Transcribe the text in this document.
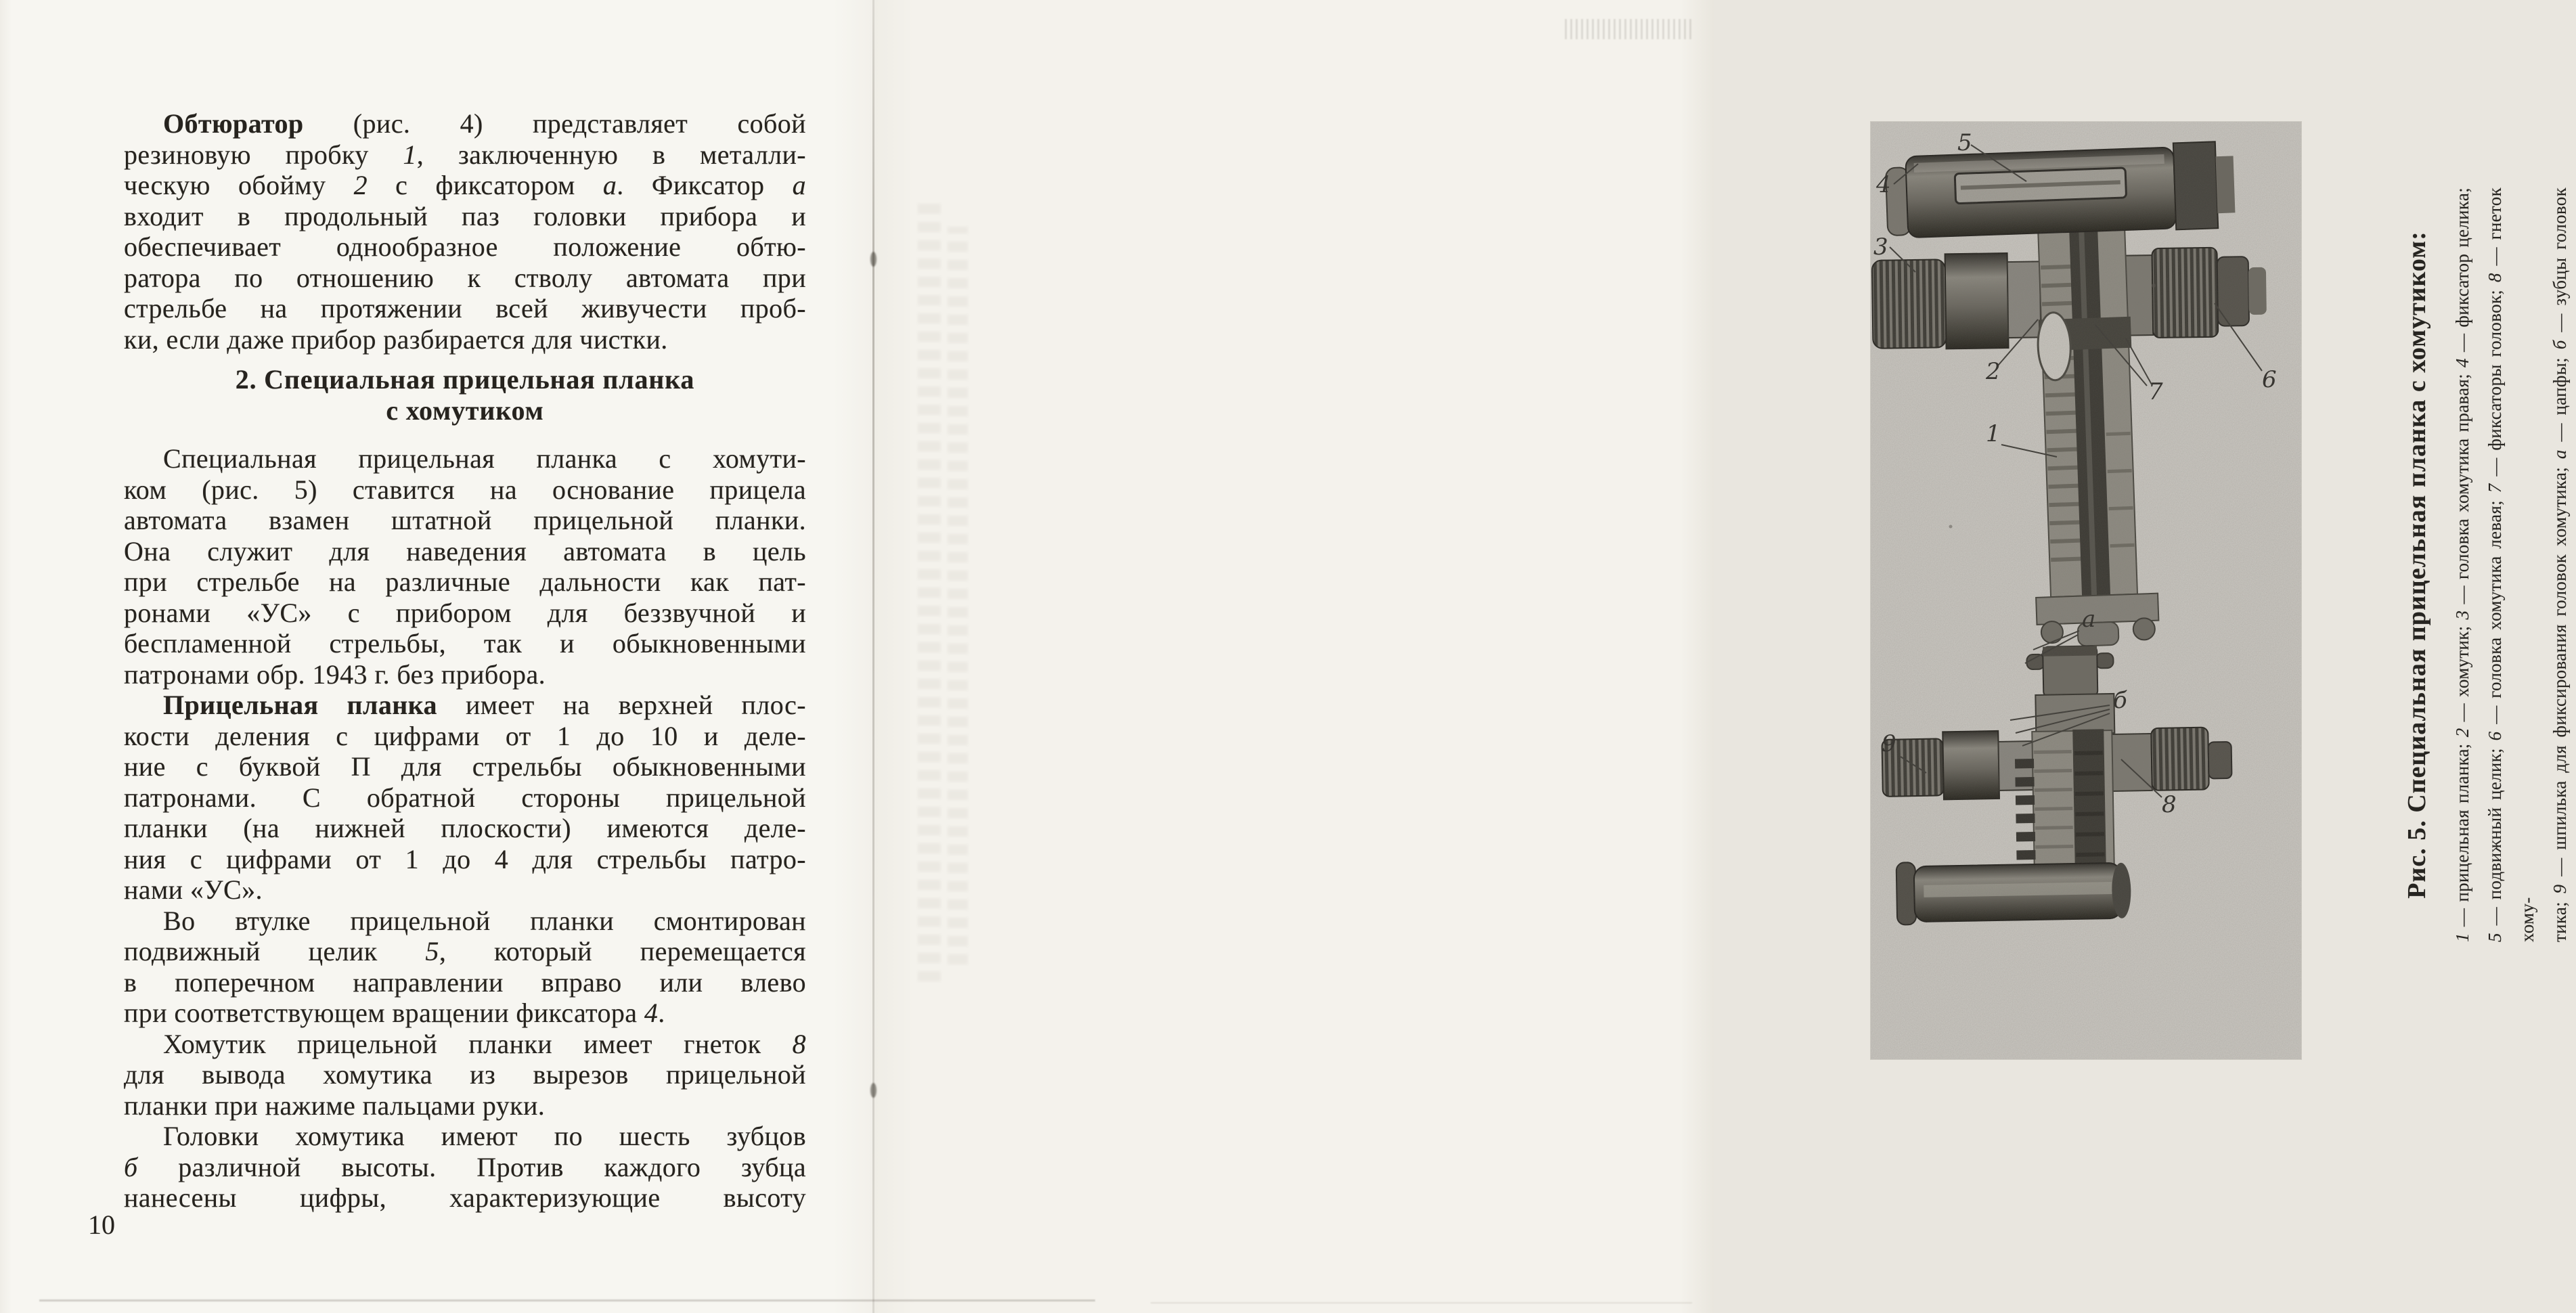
Обтюратор (рис. 4) представляет собой
резиновую пробку 1, заключенную в металли-
ческую обойму 2 с фиксатором а. Фиксатор а
входит в продольный паз головки прибора и
обеспечивает однообразное положение обтю-
ратора по отношению к стволу автомата при
стрельбе на протяжении всей живучести проб-
ки, если даже прибор разбирается для чистки.
2. Специальная прицельная планка
с хомутиком
Специальная прицельная планка с хомути-
ком (рис. 5) ставится на основание прицела
автомата взамен штатной прицельной планки.
Она служит для наведения автомата в цель
при стрельбе на различные дальности как пат-
ронами «УС» с прибором для беззвучной и
беспламенной стрельбы, так и обыкновенными
патронами обр. 1943 г. без прибора.
Прицельная планка имеет на верхней плос-
кости деления с цифрами от 1 до 10 и деле-
ние с буквой П для стрельбы обыкновенными
патронами. С обратной стороны прицельной
планки (на нижней плоскости) имеются деле-
ния с цифрами от 1 до 4 для стрельбы патро-
нами «УС».
Во втулке прицельной планки смонтирован
подвижный целик 5, который перемещается
в поперечном направлении вправо или влево
при соответствующем вращении фиксатора 4.
Хомутик прицельной планки имеет гнеток 8
для вывода хомутика из вырезов прицельной
планки при нажиме пальцами руки.
Головки хомутика имеют по шесть зубцов
б различной высоты. Против каждого зубца
нанесены цифры, характеризующие высоту
10
Рис. 5. Специальная прицельная планка с хомутиком:
1 — прицельная планка; 2 — хомутик; 3 — головка хомутика правая; 4 — фиксатор целика;
5 — подвижный целик; 6 — головка хомутика левая; 7 — фиксаторы головок; 8 — гнеток хому- тика; 9 — шпилька для фиксирования головок хомутика; а — цапфы; б — зубцы головок
